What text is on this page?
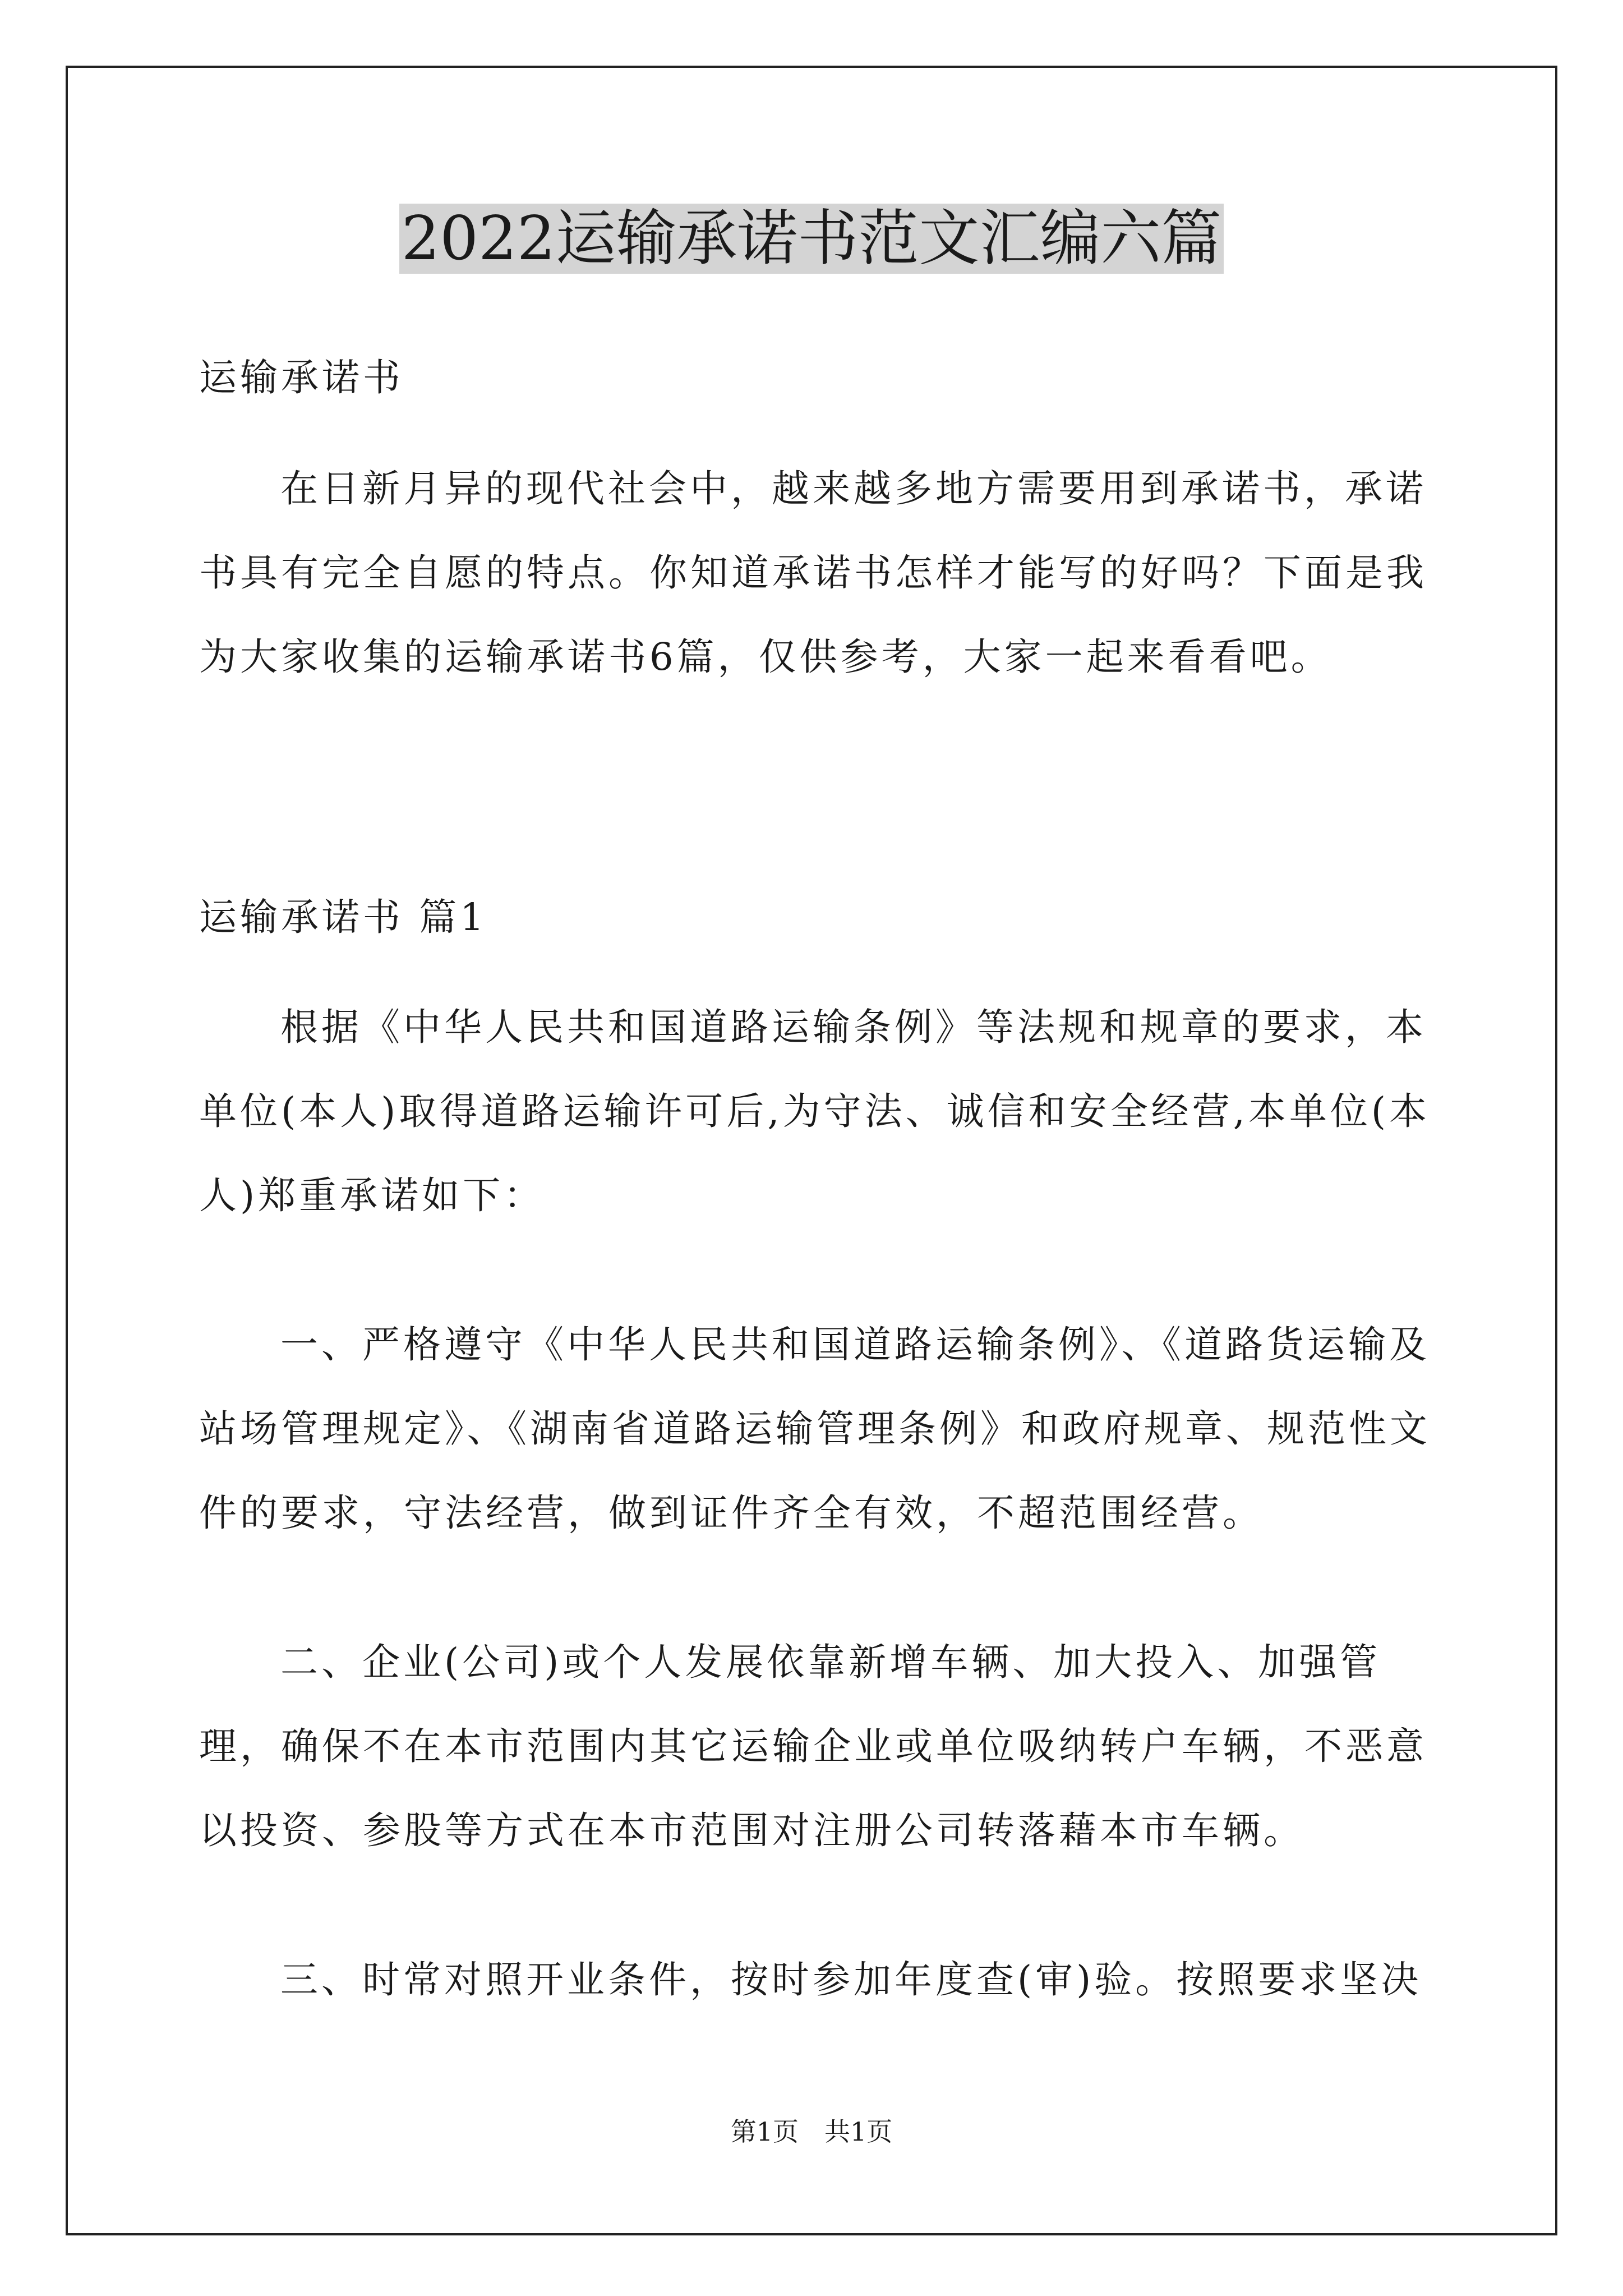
2022运输承诺书范文汇编六篇

运输承诺书

在日新月异的现代社会中，越来越多地方需要用到承诺书，承诺书具有完全自愿的特点。你知道承诺书怎样才能写的好吗？下面是我为大家收集的运输承诺书6篇，仅供参考，大家一起来看看吧。

运输承诺书 篇1

根据《中华人民共和国道路运输条例》等法规和规章的要求，本单位(本人)取得道路运输许可后,为守法、诚信和安全经营,本单位(本人)郑重承诺如下：

一、严格遵守《中华人民共和国道路运输条例》、《道路货运输及站场管理规定》、《湖南省道路运输管理条例》和政府规章、规范性文件的要求，守法经营，做到证件齐全有效，不超范围经营。

二、企业(公司)或个人发展依靠新增车辆、加大投入、加强管理，确保不在本市范围内其它运输企业或单位吸纳转户车辆，不恶意以投资、参股等方式在本市范围对注册公司转落藉本市车辆。

三、时常对照开业条件，按时参加年度查(审)验。按照要求坚决

第1页　共1页
